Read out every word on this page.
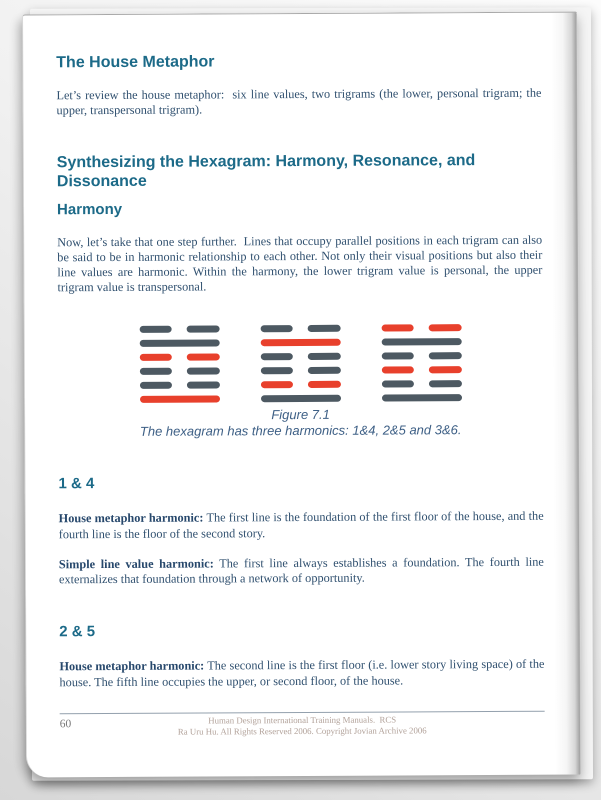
The House Metaphor

Let’s review the house metaphor:  six line values, two trigrams (the lower, personal trigram; the upper, transpersonal trigram).

Synthesizing the Hexagram: Harmony, Resonance, and Dissonance
Harmony

Now, let’s take that one step further.  Lines that occupy parallel positions in each trigram can also be said to be in harmonic relationship to each other. Not only their visual positions but also their line values are harmonic. Within the harmony, the lower trigram value is personal, the upper trigram value is transpersonal.

Figure 7.1
The hexagram has three harmonics: 1&4, 2&5 and 3&6.
1 & 4

House metaphor harmonic: The first line is the foundation of the first floor of the house, and the fourth line is the floor of the second story.

Simple line value harmonic: The first line always establishes a foundation. The fourth line externalizes that foundation through a network of opportunity.

2 & 5

House metaphor harmonic: The second line is the first floor (i.e. lower story living space) of the house. The fifth line occupies the upper, or second floor, of the house.

60	Human Design International Training Manuals.  RCS
Ra Uru Hu. All Rights Reserved 2006. Copyright Jovian Archive 2006
